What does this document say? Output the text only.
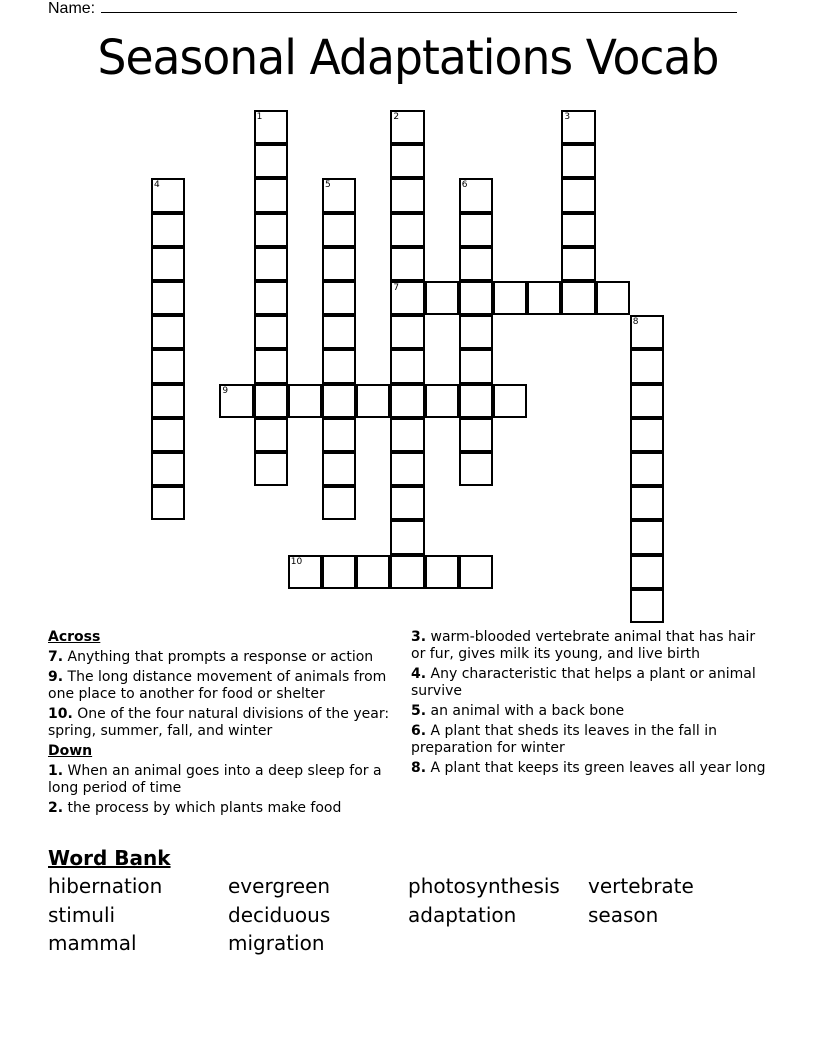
Name:
Seasonal Adaptations Vocab
1	2
7
3
4	5	6
8
9
10
Across
7. Anything that prompts a response or action
9. The long distance movement of animals from one place to another for food or shelter
10. One of the four natural divisions of the year: spring, summer, fall, and winter
Down
1. When an animal goes into a deep sleep for a long period of time
2. the process by which plants make food
3. warm-blooded vertebrate animal that has hair or fur, gives milk its young, and live birth
4. Any characteristic that helps a plant or animal survive
5. an animal with a back bone
6. A plant that sheds its leaves in the fall in preparation for winter
8. A plant that keeps its green leaves all year long
Word Bank
hibernation	evergreen	photosynthesis	vertebrate
stimuli	deciduous	adaptation	season
mammal	migration
